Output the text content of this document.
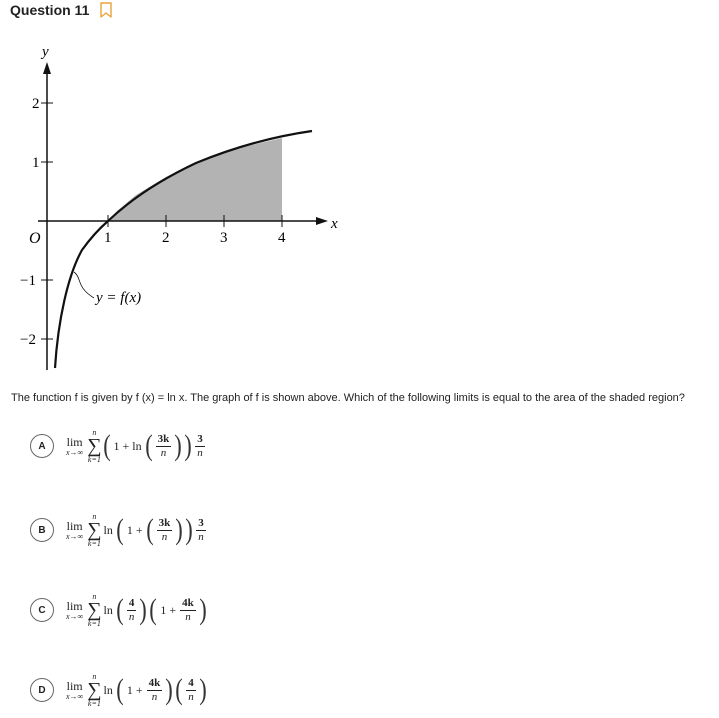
Question 11
y
x
O	1	2	3	4
2
1
−1
−2
y = f(x)
The function f is given by f (x) = ln x. The graph of f is shown above. Which of the following limits is equal to the area of the shaded region?
A	lim
x→∞
n
∑
k=1 ( 1 + ln ( $\frac{3k}{n}$ ) ) $\frac{3}{n}$
B	lim
x→∞
n
∑
k=1
ln ( 1 + ( $\frac{3k}{n}$ ) ) $\frac{3}{n}$
C	lim
x→∞
n
∑
k=1
ln ( $\frac{4}{n}$ ) ( $1 + \frac{4k}{n}$ )
D	lim
x→∞
n
∑
k=1
ln ( $1 + \frac{4k}{n}$ ) ( $\frac{4}{n}$ )
